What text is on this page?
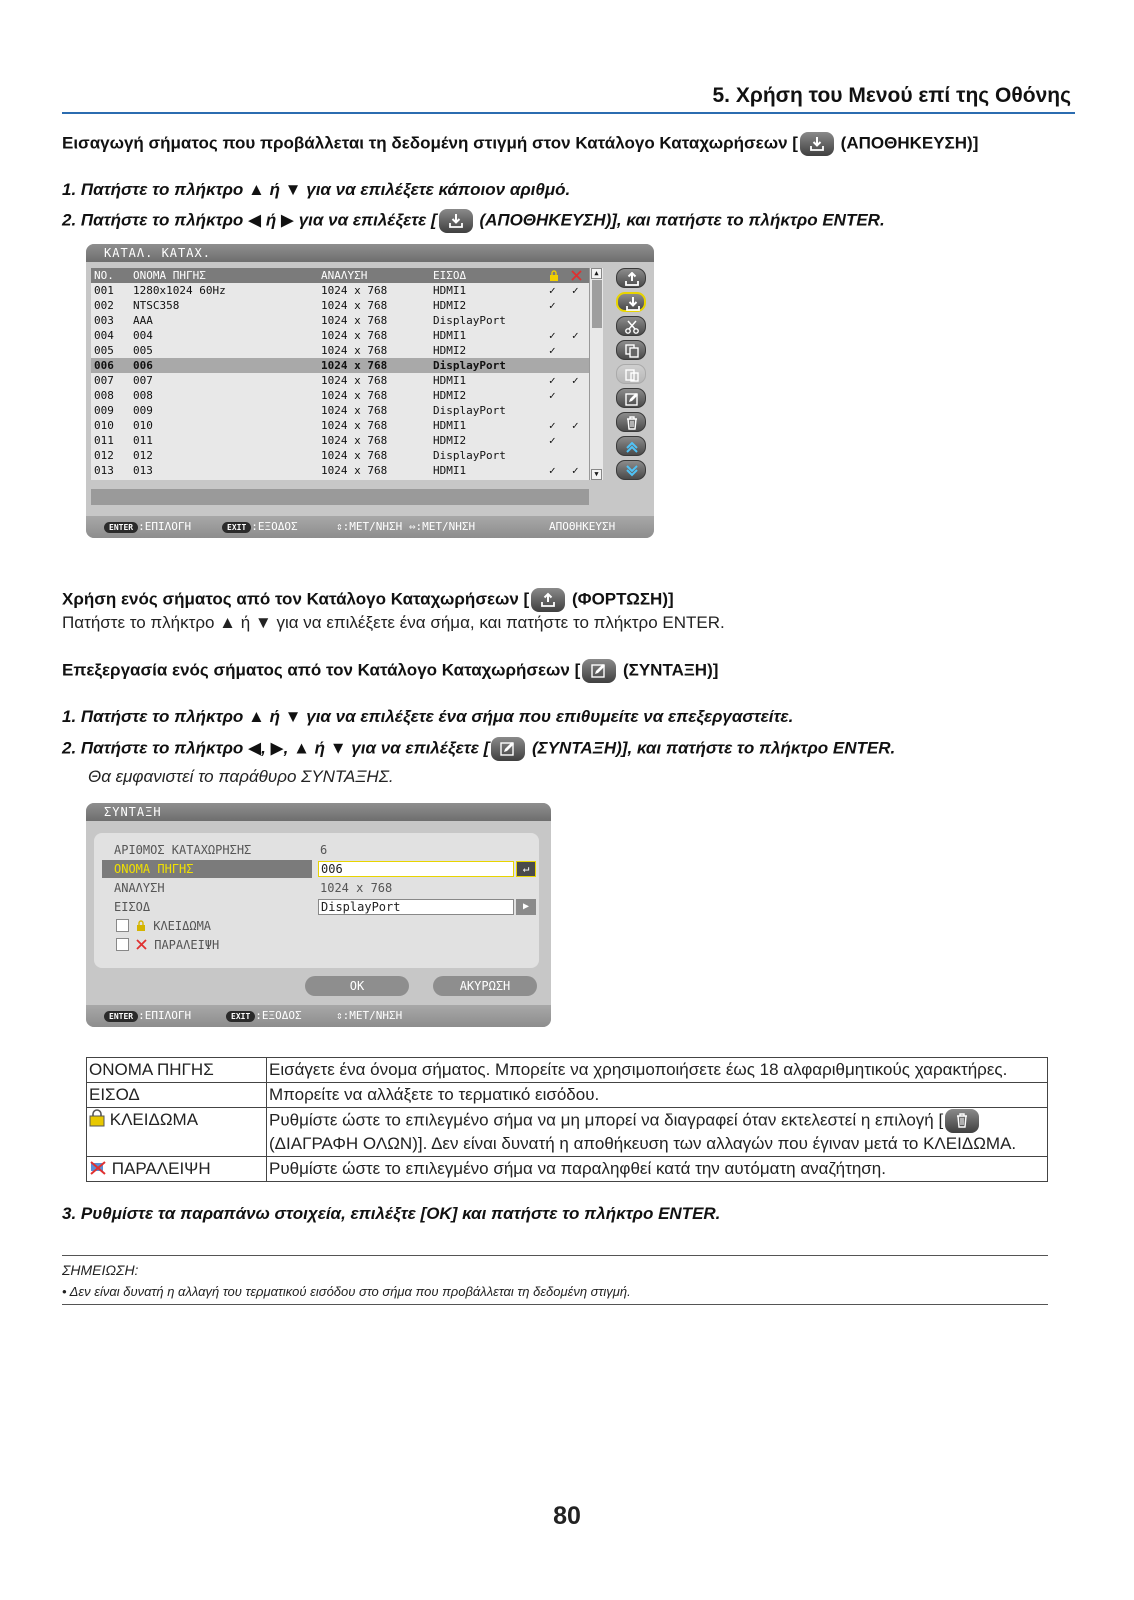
5. Χρήση του Μενού επί της Οθόνης
Εισαγωγή σήματος που προβάλλεται τη δεδομένη στιγμή στον Κατάλογο Καταχωρήσεων [	(ΑΠΟΘΗΚΕΥΣΗ)]
1. Πατήστε το πλήκτρο ▲ ή ▼ για να επιλέξετε κάποιον αριθμό.
2. Πατήστε το πλήκτρο ◀ ή ▶ για να επιλέξετε [	(ΑΠΟΘΗΚΕΥΣΗ)], και πατήστε το πλήκτρο ENTER.
ΚΑΤΑΛ. ΚΑΤΑΧ.
NO. ΟΝΟΜΑ ΠΗΓΗΣ	ΑΝΑΛΥΣΗ	ΕΙΣΟΔ
001 1280x1024 60Hz	1024 x 768	HDMI1	✓ ✓
002 NTSC358	1024 x 768	HDMI2	✓
003 AAA	1024 x 768	DisplayPort
004 004	1024 x 768	HDMI1	✓ ✓
005 005	1024 x 768	HDMI2	✓
006 006	1024 x 768	DisplayPort
007 007	1024 x 768	HDMI1	✓ ✓
008 008	1024 x 768	HDMI2	✓
009 009	1024 x 768	DisplayPort
010 010	1024 x 768	HDMI1	✓ ✓
011 011	1024 x 768	HDMI2	✓
012 012	1024 x 768	DisplayPort
013 013	1024 x 768	HDMI1	✓ ✓
▲
▼
ENTER :ΕΠΙΛΟΓΗ	EXIT :ΕΞΟΔΟΣ	⇕:ΜΕΤ/ΝΗΣΗ ⇔:ΜΕΤ/ΝΗΣΗ	ΑΠΟΘΗΚΕΥΣΗ
Χρήση ενός σήματος από τον Κατάλογο Καταχωρήσεων [	(ΦΟΡΤΩΣΗ)]
Πατήστε το πλήκτρο ▲ ή ▼ για να επιλέξετε ένα σήμα, και πατήστε το πλήκτρο ENTER.
Επεξεργασία ενός σήματος από τον Κατάλογο Καταχωρήσεων [	(ΣΥΝΤΑΞΗ)]
1. Πατήστε το πλήκτρο ▲ ή ▼ για να επιλέξετε ένα σήμα που επιθυμείτε να επεξεργαστείτε.
2. Πατήστε το πλήκτρο ◀, ▶, ▲ ή ▼ για να επιλέξετε [	(ΣΥΝΤΑΞΗ)], και πατήστε το πλήκτρο ENTER.
Θα εμφανιστεί το παράθυρο ΣΥΝΤΑΞΗΣ.
ΣΥΝΤΑΞΗ
ΑΡΙΘΜΟΣ ΚΑΤΑΧΩΡΗΣΗΣ	6
ΟΝΟΜΑ ΠΗΓΗΣ	006	↵
ΑΝΑΛΥΣΗ	1024 x 768
ΕΙΣΟΔ	DisplayPort	▶
ΚΛΕΙΔΩΜΑ
ΠΑΡΑΛΕΙΨΗ
OK	ΑΚΥΡΩΣΗ
ENTER :ΕΠΙΛΟΓΗ	EXIT :ΕΞΟΔΟΣ	⇕:ΜΕΤ/ΝΗΣΗ
ΟΝΟΜΑ ΠΗΓΗΣ	Εισάγετε ένα όνομα σήματος. Μπορείτε να χρησιμοποιήσετε έως 18 αλφαριθμητικούς χαρακτήρες.
ΕΙΣΟΔ	Μπορείτε να αλλάξετε το τερματικό εισόδου.
ΚΛΕΙΔΩΜΑ	Ρυθμίστε ώστε το επιλεγμένο σήμα να μη μπορεί να διαγραφεί όταν εκτελεστεί η επιλογή [

(ΔΙΑΓΡΑΦΗ ΟΛΩΝ)]. Δεν είναι δυνατή η αποθήκευση των αλλαγών που έγιναν μετά το ΚΛΕΙΔΩΜΑ.
ΠΑΡΑΛΕΙΨΗ	Ρυθμίστε ώστε το επιλεγμένο σήμα να παραληφθεί κατά την αυτόματη αναζήτηση.
3. Ρυθμίστε τα παραπάνω στοιχεία, επιλέξτε [OK] και πατήστε το πλήκτρο ENTER.
ΣΗΜΕΙΩΣΗ:
• Δεν είναι δυνατή η αλλαγή του τερματικού εισόδου στο σήμα που προβάλλεται τη δεδομένη στιγμή.
80
